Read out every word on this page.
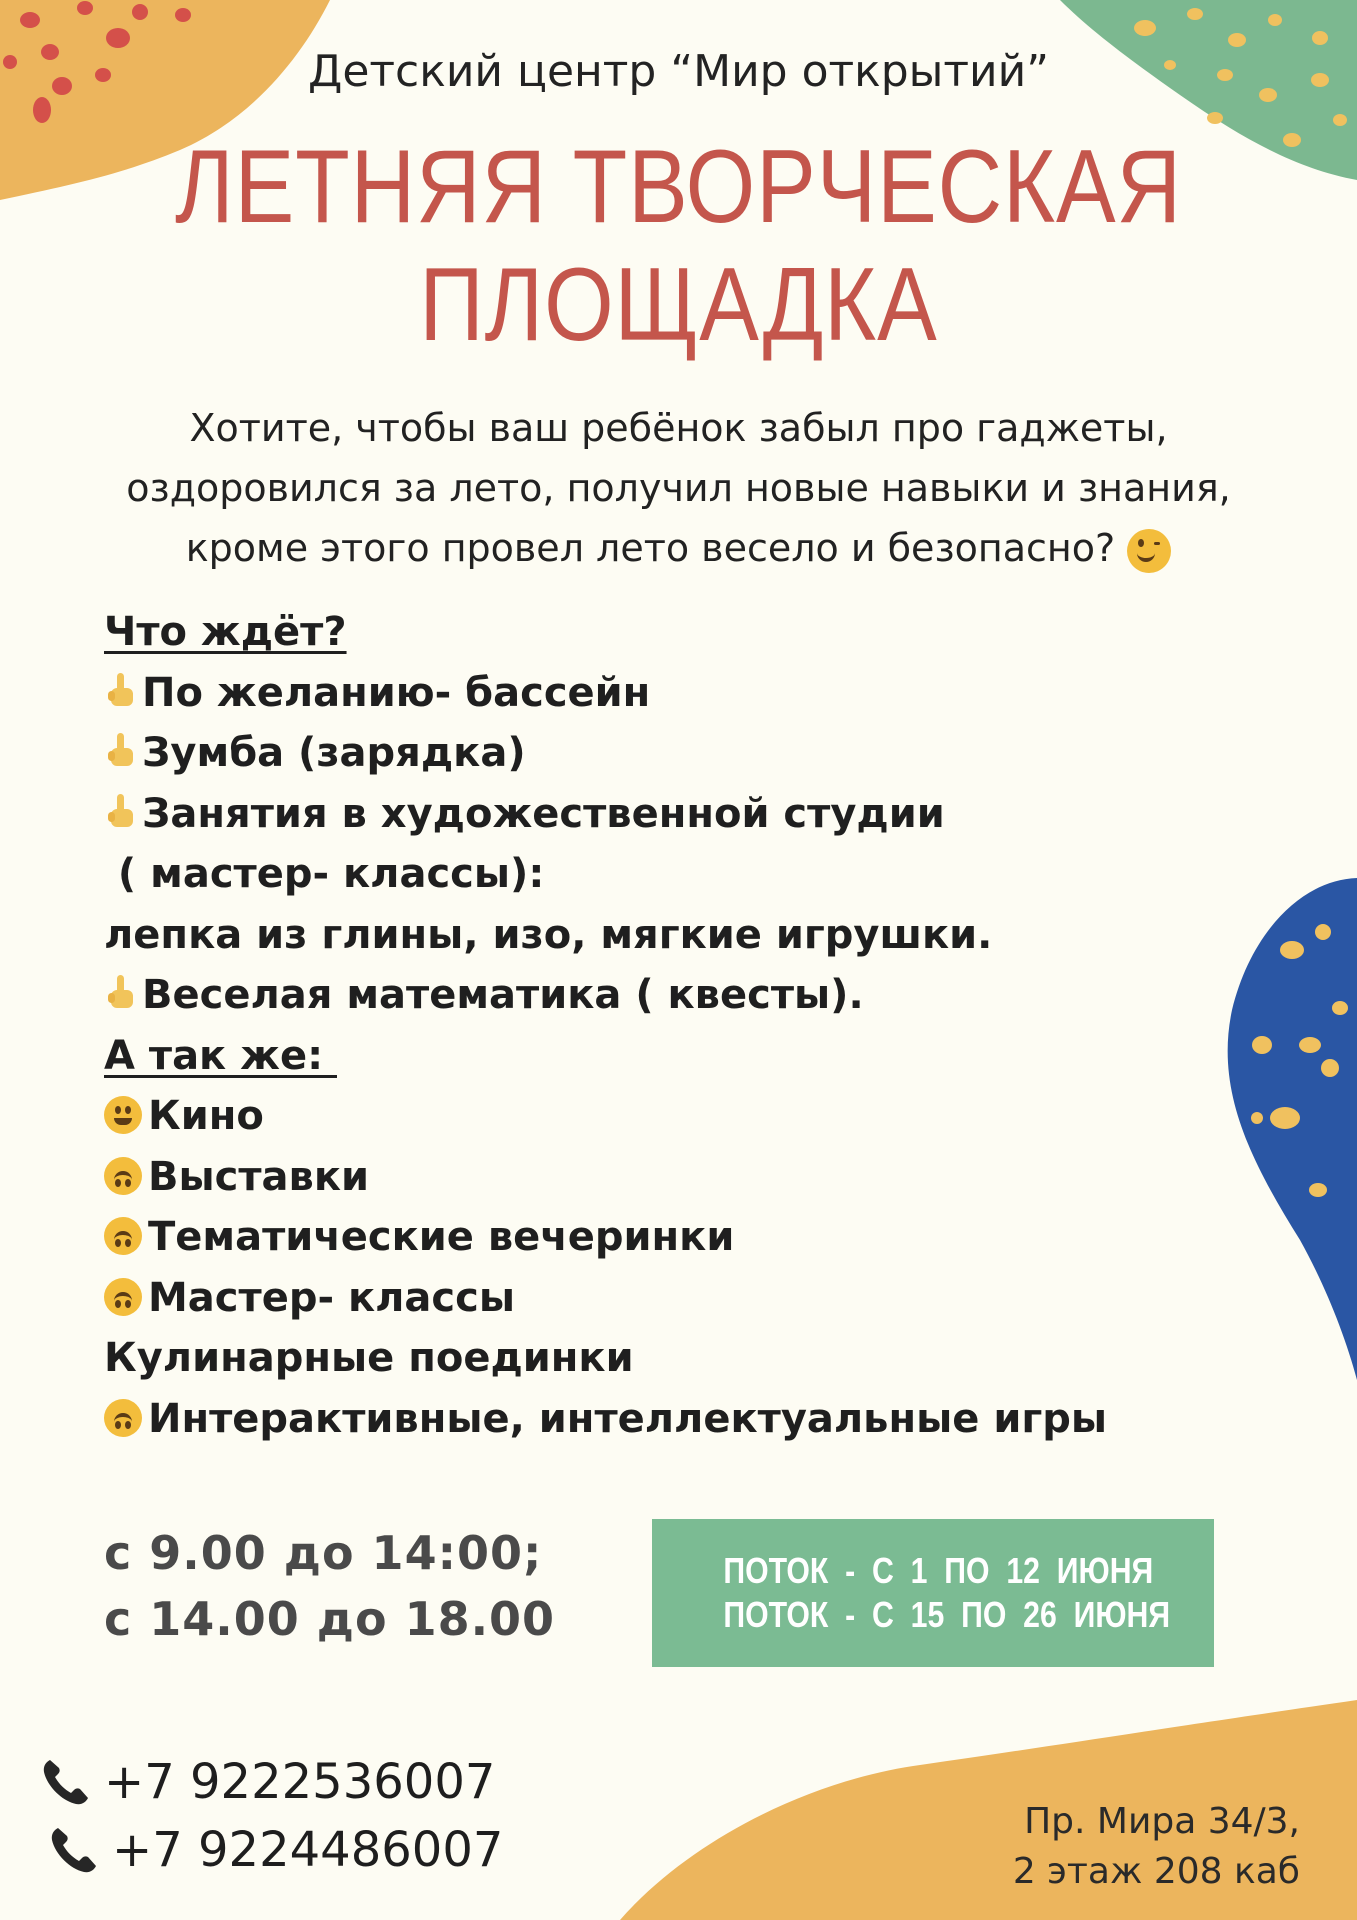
Детский центр “Мир открытий”
ЛЕТНЯЯ ТВОРЧЕСКАЯ
ПЛОЩАДКА
Хотите, чтобы ваш ребёнок забыл про гаджеты,
оздоровился за лето, получил новые навыки и знания,
кроме этого провел лето весело и безопасно?
Что ждёт?
По желанию- бассейн
Зумба (зарядка)
Занятия в художественной студии
( мастер- классы):
лепка из глины, изо, мягкие игрушки.
Веселая математика ( квесты).
А так же:
Кино
Выставки
Тематические вечеринки
Мастер- классы
Кулинарные поединки
Интерактивные, интеллектуальные игры
с 9.00 до 14:00;
с 14.00 до 18.00
ПОТОК  -  С  1  ПО  12  ИЮНЯ
ПОТОК  -  С  15  ПО  26  ИЮНЯ
+7 9222536007
+7 9224486007
Пр. Мира 34/3,
2 этаж 208 каб
